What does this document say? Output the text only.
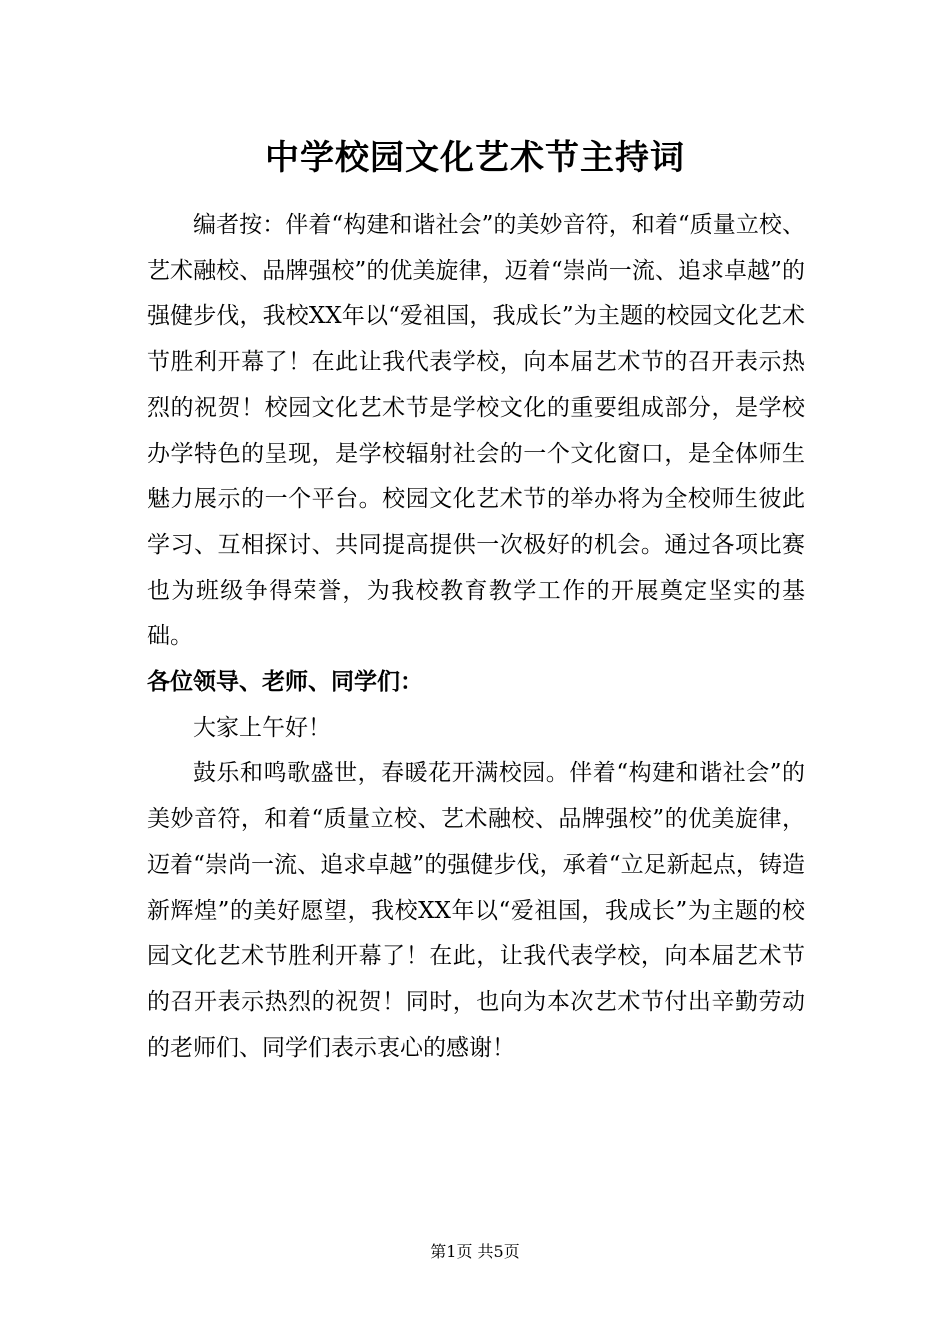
中学校园文化艺术节主持词

编者按：伴着“构建和谐社会”的美妙音符，和着“质量立校、艺术融校、品牌强校”的优美旋律，迈着“崇尚一流、追求卓越”的强健步伐，我校XX年以“爱祖国，我成长”为主题的校园文化艺术节胜利开幕了！在此让我代表学校，向本届艺术节的召开表示热烈的祝贺！校园文化艺术节是学校文化的重要组成部分，是学校办学特色的呈现，是学校辐射社会的一个文化窗口，是全体师生魅力展示的一个平台。校园文化艺术节的举办将为全校师生彼此学习、互相探讨、共同提高提供一次极好的机会。通过各项比赛也为班级争得荣誉，为我校教育教学工作的开展奠定坚实的基础。

各位领导、老师、同学们：

大家上午好！

鼓乐和鸣歌盛世，春暖花开满校园。伴着“构建和谐社会”的美妙音符，和着“质量立校、艺术融校、品牌强校”的优美旋律，迈着“崇尚一流、追求卓越”的强健步伐，承着“立足新起点，铸造新辉煌”的美好愿望，我校XX年以“爱祖国，我成长”为主题的校园文化艺术节胜利开幕了！在此，让我代表学校，向本届艺术节的召开表示热烈的祝贺！同时，也向为本次艺术节付出辛勤劳动的老师们、同学们表示衷心的感谢！

第1页 共5页
